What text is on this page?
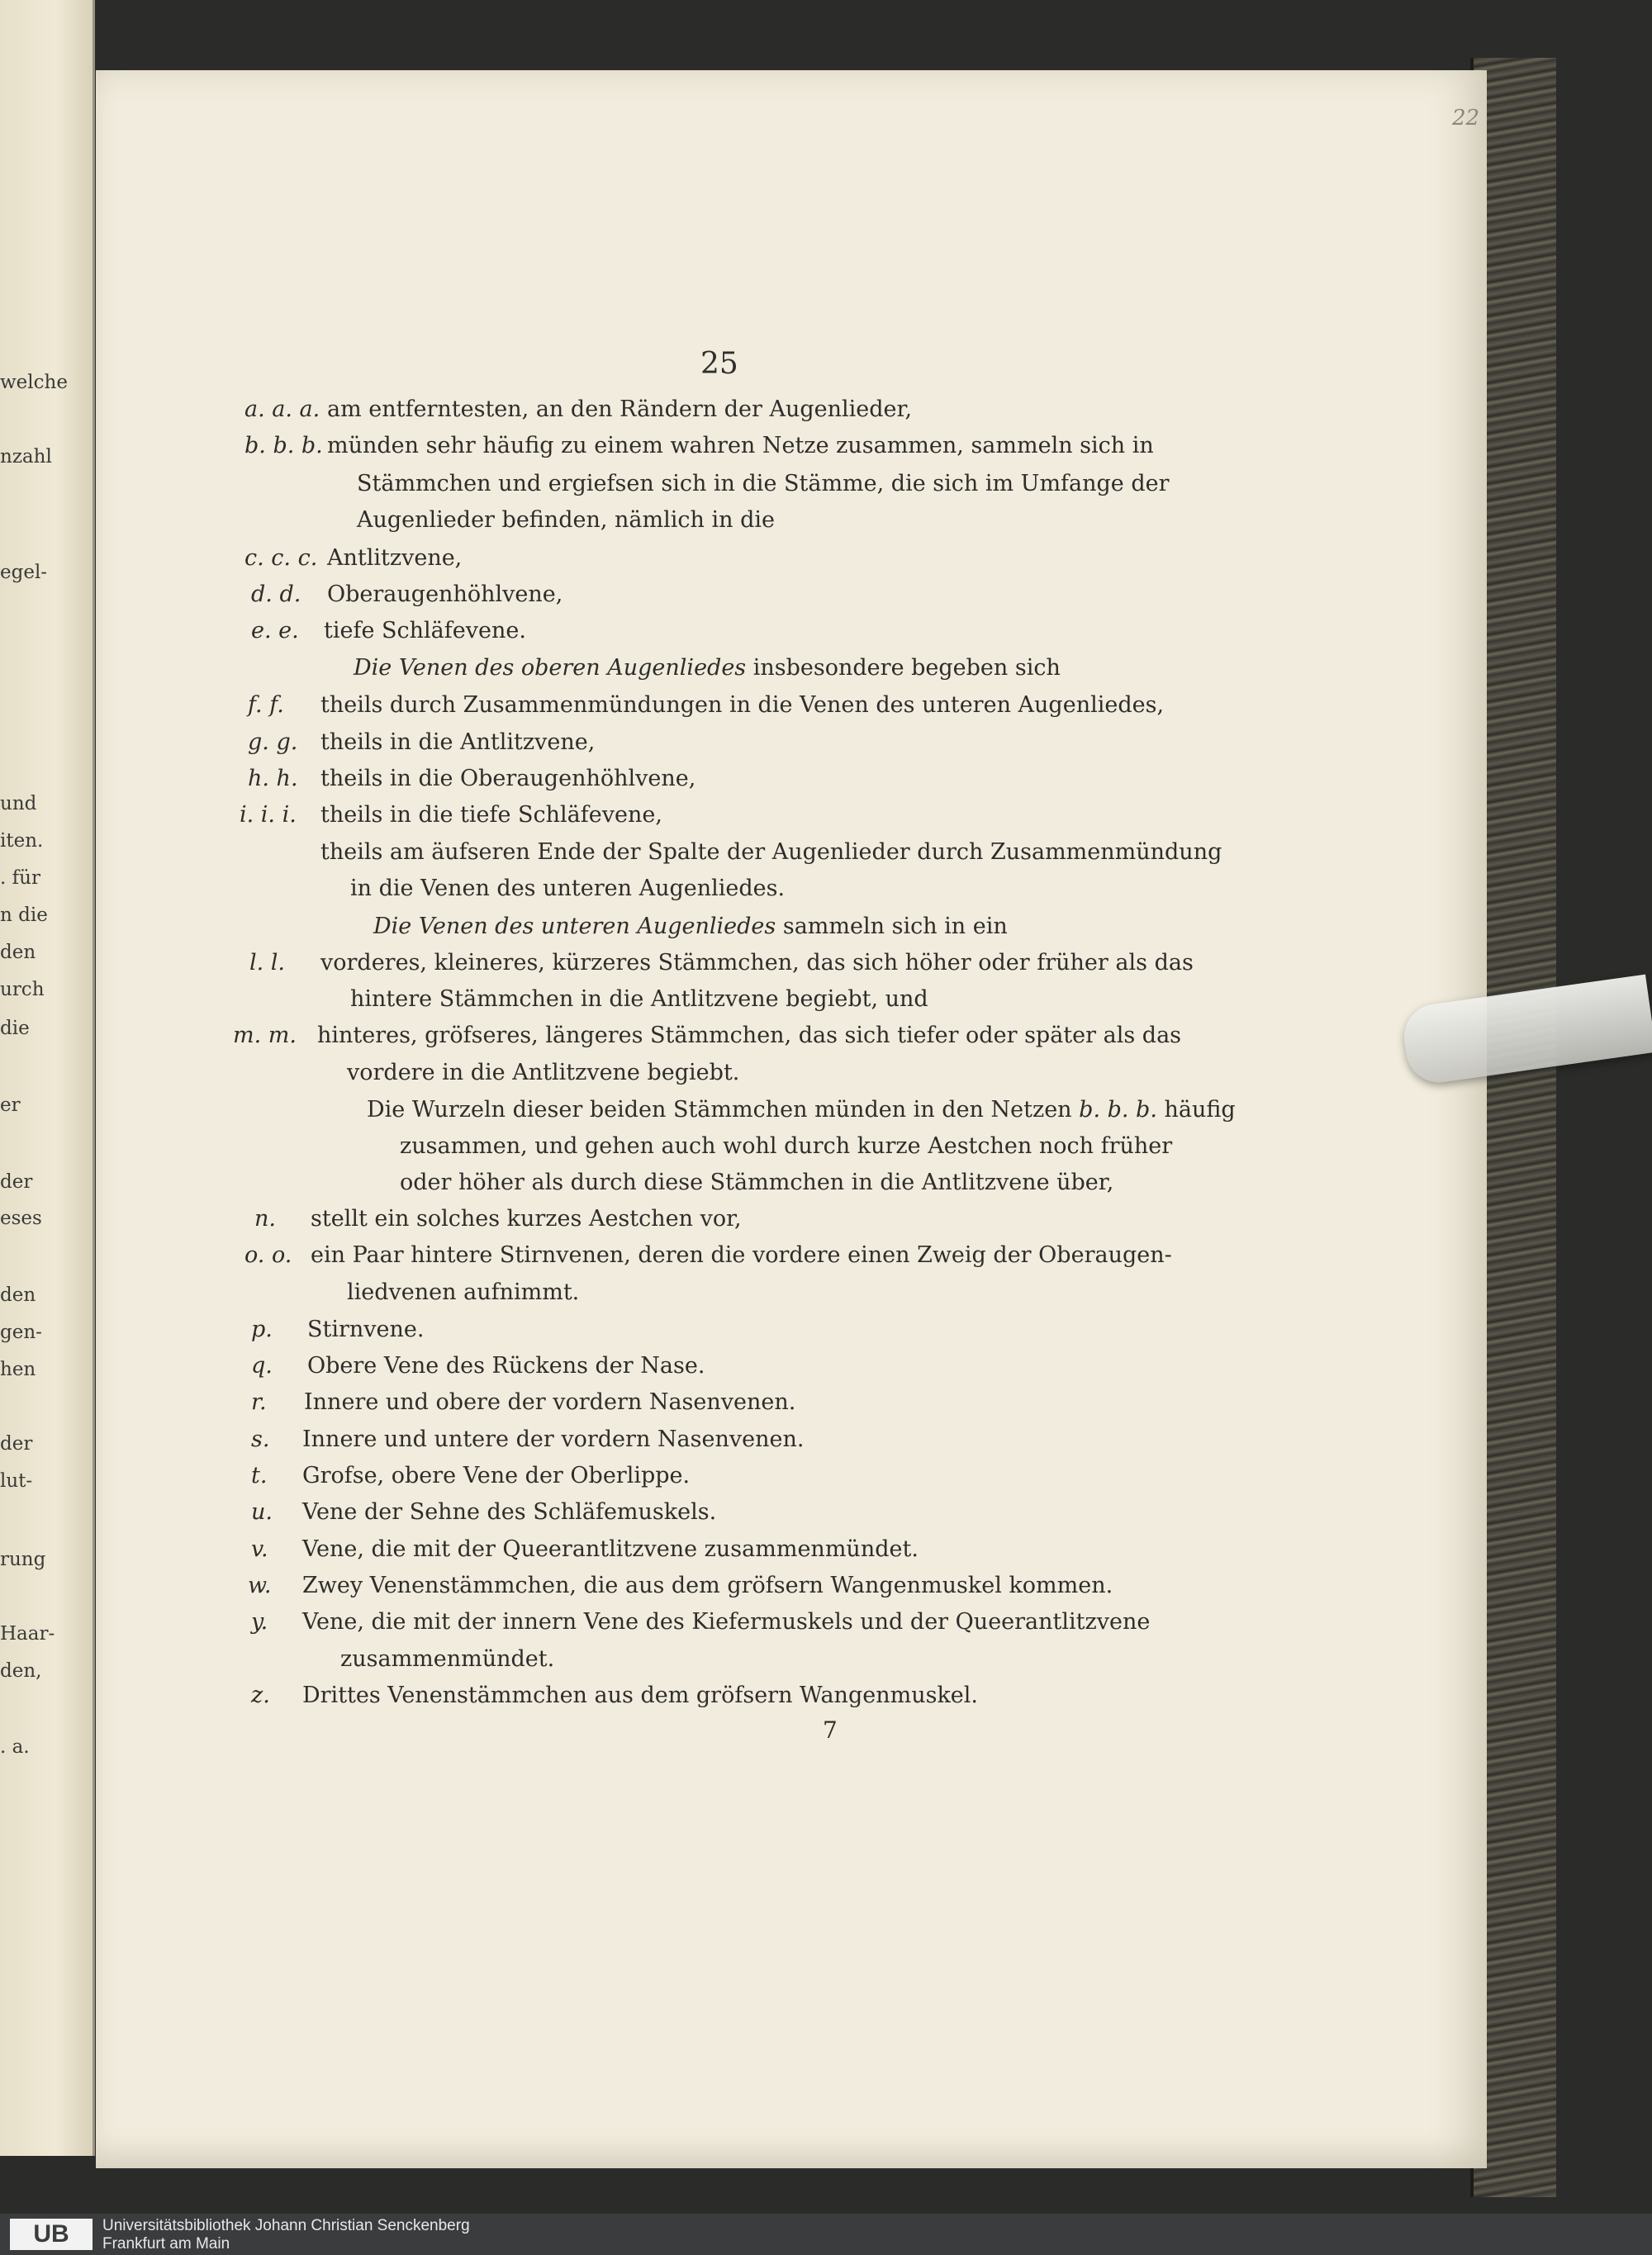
welche
nzahl
egel-
und
iten.
. für
n die
den
urch
die
er
der
eses
den
gen-
hen
der
lut-
rung
Haar-
den,
. a.
22
25
a. a. a.
b. b. b.
c. c. c.
d. d.
e. e.
f. f.
g. g.
h. h.
i. i. i.
l. l.
m. m.
n.
o. o.
p.
q.
r.
s.
t.
u.
v.
w.
y.
z.
am entferntesten, an den Rändern der Augenlieder,
münden sehr häufig zu einem wahren Netze zusammen, sammeln sich in
Stämmchen und ergiefsen sich in die Stämme, die sich im Umfange der
Augenlieder befinden, nämlich in die
Antlitzvene,
Oberaugenhöhlvene,
tiefe Schläfevene.
Die Venen des oberen Augenliedes insbesondere begeben sich
theils durch Zusammenmündungen in die Venen des unteren Augenliedes,
theils in die Antlitzvene,
theils in die Oberaugenhöhlvene,
theils in die tiefe Schläfevene,
theils am äufseren Ende der Spalte der Augenlieder durch Zusammenmündung
in die Venen des unteren Augenliedes.
Die Venen des unteren Augenliedes sammeln sich in ein
vorderes, kleineres, kürzeres Stämmchen, das sich höher oder früher als das
hintere Stämmchen in die Antlitzvene begiebt, und
hinteres, gröfseres, längeres Stämmchen, das sich tiefer oder später als das
vordere in die Antlitzvene begiebt.
Die Wurzeln dieser beiden Stämmchen münden in den Netzen b. b. b. häufig
zusammen, und gehen auch wohl durch kurze Aestchen noch früher
oder höher als durch diese Stämmchen in die Antlitzvene über,
stellt ein solches kurzes Aestchen vor,
ein Paar hintere Stirnvenen, deren die vordere einen Zweig der Oberaugen-
liedvenen aufnimmt.
Stirnvene.
Obere Vene des Rückens der Nase.
Innere und obere der vordern Nasenvenen.
Innere und untere der vordern Nasenvenen.
Grofse, obere Vene der Oberlippe.
Vene der Sehne des Schläfemuskels.
Vene, die mit der Queerantlitzvene zusammenmündet.
Zwey Venenstämmchen, die aus dem gröfsern Wangenmuskel kommen.
Vene, die mit der innern Vene des Kiefermuskels und der Queerantlitzvene
zusammenmündet.
Drittes Venenstämmchen aus dem gröfsern Wangenmuskel.
7
UB	Universitätsbibliothek Johann Christian Senckenberg
Frankfurt am Main
